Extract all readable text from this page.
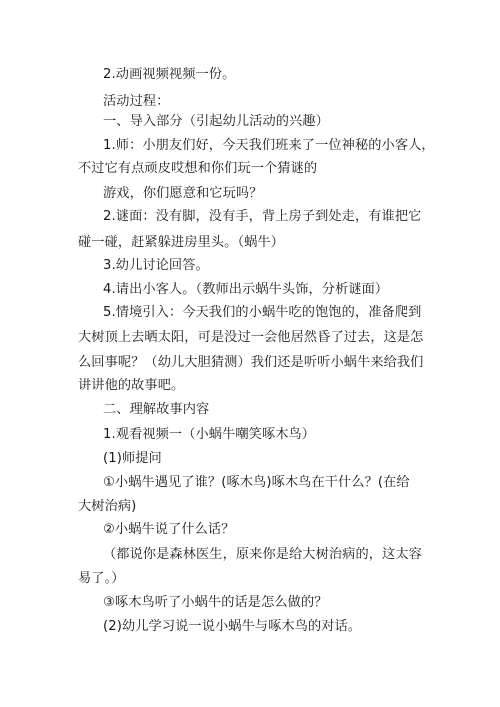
2.动画视频视频一份。
活动过程：
一、导入部分（引起幼儿活动的兴趣）
1.师：小朋友们好，今天我们班来了一位神秘的小客人，
不过它有点顽皮哎想和你们玩一个猜谜的
游戏，你们愿意和它玩吗？
2.谜面：没有脚，没有手，背上房子到处走，有谁把它
碰一碰，赶紧躲进房里头。（蜗牛）
3.幼儿讨论回答。
4.请出小客人。（教师出示蜗牛头饰，分析谜面）
5.情境引入：今天我们的小蜗牛吃的饱饱的，准备爬到
大树顶上去晒太阳，可是没过一会他居然昏了过去，这是怎
么回事呢？（幼儿大胆猜测）我们还是听听小蜗牛来给我们
讲讲他的故事吧。
二、理解故事内容
1.观看视频一（小蜗牛嘲笑啄木鸟）
(1)师提问
①小蜗牛遇见了谁？(啄木鸟)啄木鸟在干什么？(在给
大树治病)
②小蜗牛说了什么话？
（都说你是森林医生，原来你是给大树治病的，这太容
易了。）
③啄木鸟听了小蜗牛的话是怎么做的？
(2)幼儿学习说一说小蜗牛与啄木鸟的对话。
